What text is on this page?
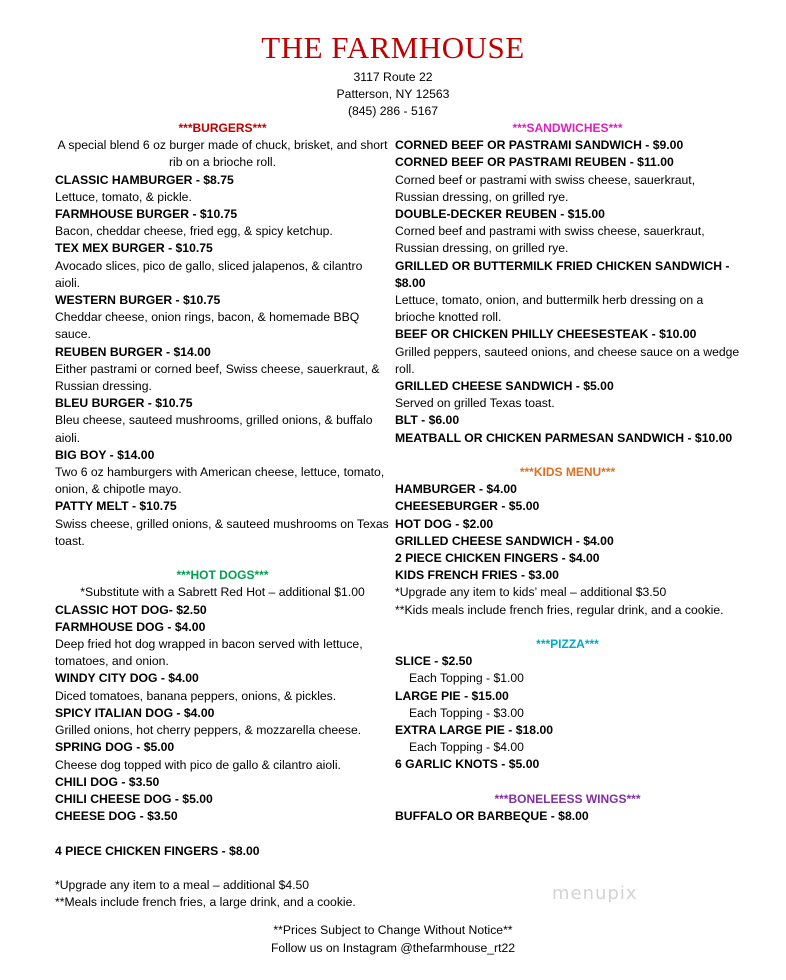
THE FARMHOUSE
3117 Route 22
Patterson, NY 12563
(845) 286 - 5167
***BURGERS***
A special blend 6 oz burger made of chuck, brisket, and short rib on a brioche roll.
CLASSIC HAMBURGER - $8.75
Lettuce, tomato, & pickle.
FARMHOUSE BURGER - $10.75
Bacon, cheddar cheese, fried egg, & spicy ketchup.
TEX MEX BURGER - $10.75
Avocado slices, pico de gallo, sliced jalapenos, & cilantro aioli.
WESTERN BURGER - $10.75
Cheddar cheese, onion rings, bacon, & homemade BBQ sauce.
REUBEN BURGER - $14.00
Either pastrami or corned beef, Swiss cheese, sauerkraut, & Russian dressing.
BLEU BURGER - $10.75
Bleu cheese, sauteed mushrooms, grilled onions, & buffalo aioli.
BIG BOY - $14.00
Two 6 oz hamburgers with American cheese, lettuce, tomato, onion, & chipotle mayo.
PATTY MELT - $10.75
Swiss cheese, grilled onions, & sauteed mushrooms on Texas toast.
***HOT DOGS***
*Substitute with a Sabrett Red Hot – additional $1.00
CLASSIC HOT DOG- $2.50
FARMHOUSE DOG - $4.00
Deep fried hot dog wrapped in bacon served with lettuce, tomatoes, and onion.
WINDY CITY DOG - $4.00
Diced tomatoes, banana peppers, onions, & pickles.
SPICY ITALIAN DOG - $4.00
Grilled onions, hot cherry peppers, & mozzarella cheese.
SPRING DOG - $5.00
Cheese dog topped with pico de gallo & cilantro aioli.
CHILI DOG - $3.50
CHILI CHEESE DOG - $5.00
CHEESE DOG - $3.50
4 PIECE CHICKEN FINGERS - $8.00
*Upgrade any item to a meal – additional $4.50
**Meals include french fries, a large drink, and a cookie.
***SANDWICHES***
CORNED BEEF OR PASTRAMI SANDWICH - $9.00
CORNED BEEF OR PASTRAMI REUBEN - $11.00
Corned beef or pastrami with swiss cheese, sauerkraut, Russian dressing, on grilled rye.
DOUBLE-DECKER REUBEN - $15.00
Corned beef and pastrami with swiss cheese, sauerkraut, Russian dressing, on grilled rye.
GRILLED OR BUTTERMILK FRIED CHICKEN SANDWICH - $8.00
Lettuce, tomato, onion, and buttermilk herb dressing on a brioche knotted roll.
BEEF OR CHICKEN PHILLY CHEESESTEAK - $10.00
Grilled peppers, sauteed onions, and cheese sauce on a wedge roll.
GRILLED CHEESE SANDWICH - $5.00
Served on grilled Texas toast.
BLT - $6.00
MEATBALL OR CHICKEN PARMESAN SANDWICH - $10.00
***KIDS MENU***
HAMBURGER - $4.00
CHEESEBURGER - $5.00
HOT DOG - $2.00
GRILLED CHEESE SANDWICH - $4.00
2 PIECE CHICKEN FINGERS - $4.00
KIDS FRENCH FRIES - $3.00
*Upgrade any item to kids’ meal – additional $3.50
**Kids meals include french fries, regular drink, and a cookie.
***PIZZA***
SLICE - $2.50
Each Topping - $1.00
LARGE PIE - $15.00
Each Topping - $3.00
EXTRA LARGE PIE - $18.00
Each Topping - $4.00
6 GARLIC KNOTS - $5.00
***BONELEESS WINGS***
BUFFALO OR BARBEQUE - $8.00
menupix
**Prices Subject to Change Without Notice**
Follow us on Instagram @thefarmhouse_rt22
